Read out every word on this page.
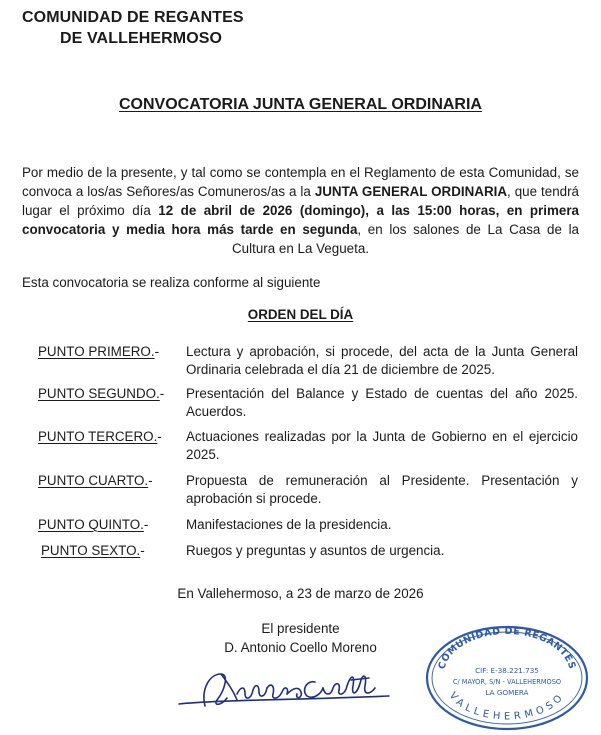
COMUNIDAD DE REGANTES
DE VALLEHERMOSO
CONVOCATORIA JUNTA GENERAL ORDINARIA
Por medio de la presente, y tal como se contempla en el Reglamento de esta Comunidad, se convoca a los/as Señores/as Comuneros/as a la JUNTA GENERAL ORDINARIA, que tendrá lugar el próximo día 12 de abril de 2026 (domingo), a las 15:00 horas, en primera convocatoria y media hora más tarde en segunda, en los salones de La Casa de la Cultura en La Vegueta.
Esta convocatoria se realiza conforme al siguiente
ORDEN DEL DÍA
PUNTO PRIMERO.- Lectura y aprobación, si procede, del acta de la Junta General Ordinaria celebrada el día 21 de diciembre de 2025.
PUNTO SEGUNDO.- Presentación del Balance y Estado de cuentas del año 2025. Acuerdos.
PUNTO TERCERO.- Actuaciones realizadas por la Junta de Gobierno en el ejercicio 2025.
PUNTO CUARTO.- Propuesta de remuneración al Presidente. Presentación y aprobación si procede.
PUNTO QUINTO.-	Manifestaciones de la presidencia.
PUNTO SEXTO.-	Ruegos y preguntas y asuntos de urgencia.
En Vallehermoso, a 23 de marzo de 2026
El presidente
D. Antonio Coello Moreno
COMUNIDAD DE REGANTES
CIF: E-38.221.735
C/ MAYOR, S/N - VALLEHERMOSO
LA GOMERA
VALLEHERMOSO
